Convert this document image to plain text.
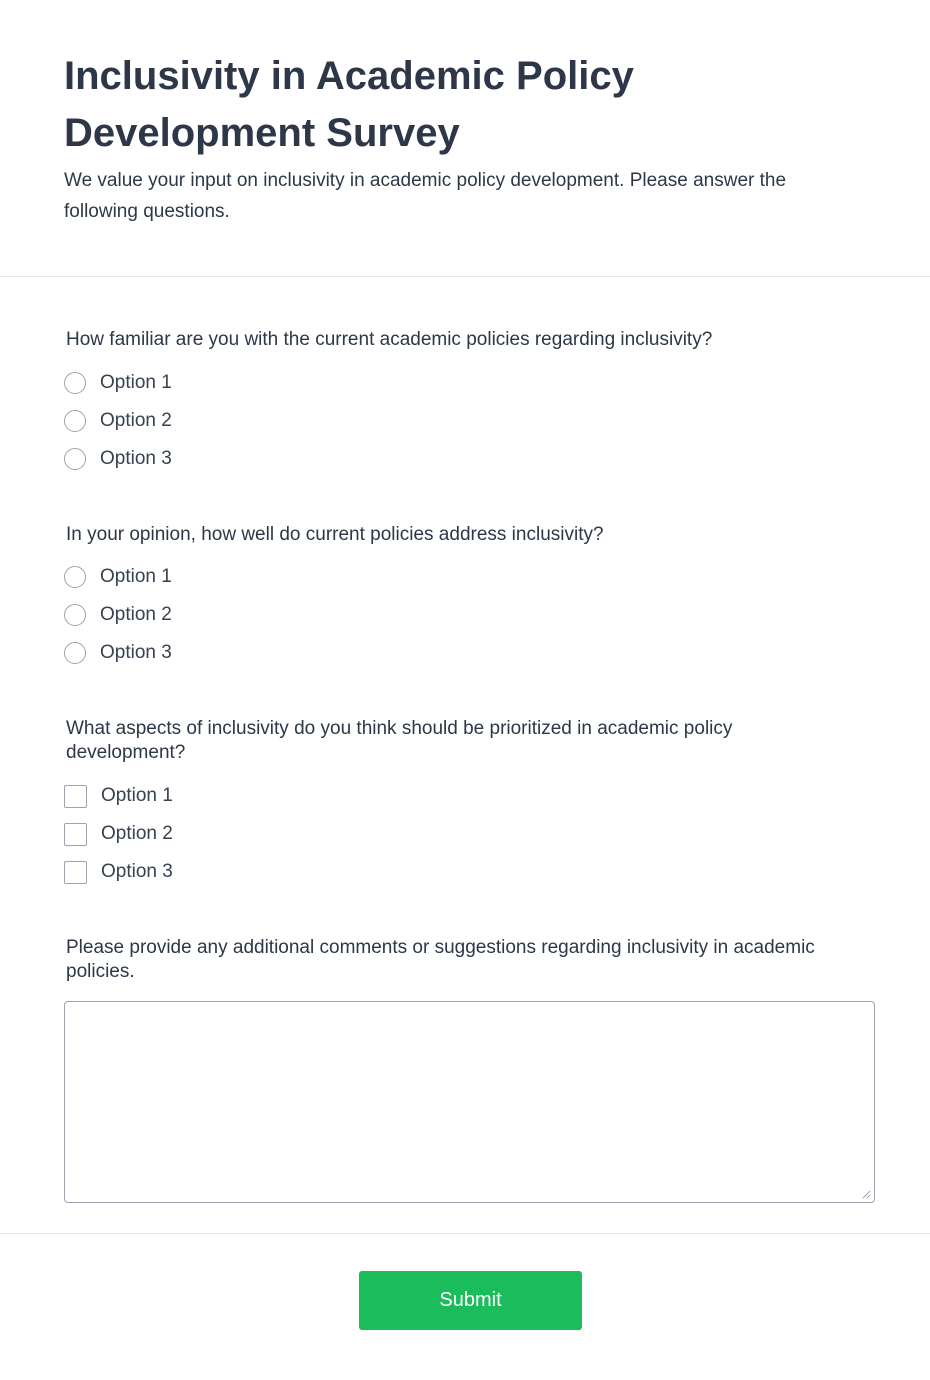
Inclusivity in Academic Policy Development Survey

We value your input on inclusivity in academic policy development. Please answer the following questions.

How familiar are you with the current academic policies regarding inclusivity?

Option 1
Option 2
Option 3

In your opinion, how well do current policies address inclusivity?

Option 1
Option 2
Option 3

What aspects of inclusivity do you think should be prioritized in academic policy development?

Option 1
Option 2
Option 3

Please provide any additional comments or suggestions regarding inclusivity in academic policies.

Submit
